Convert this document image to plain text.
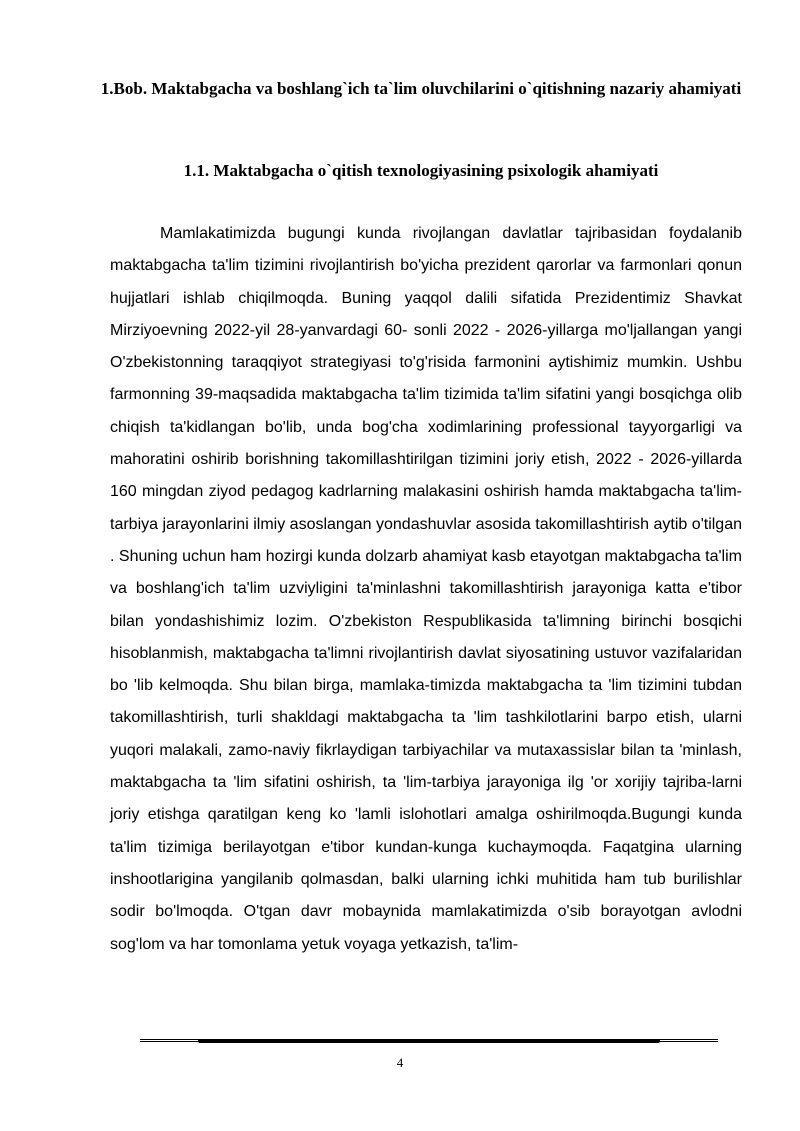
1.Bob. Maktabgacha va boshlang`ich ta`lim oluvchilarini o`qitishning nazariy ahamiyati
1.1. Maktabgacha o`qitish texnologiyasining psixologik ahamiyati
Mamlakatimizda bugungi kunda rivojlangan davlatlar tajribasidan foydalanib maktabgacha ta'lim tizimini rivojlantirish bo'yicha prezident qarorlar va farmonlari qonun hujjatlari ishlab chiqilmoqda. Buning yaqqol dalili sifatida Prezidentimiz Shavkat Mirziyoevning 2022-yil 28-yanvardagi 60- sonli 2022 - 2026-yillarga mo'ljallangan yangi O'zbekistonning taraqqiyot strategiyasi to'g'risida farmonini aytishimiz mumkin. Ushbu farmonning 39-maqsadida maktabgacha ta'lim tizimida ta'lim sifatini yangi bosqichga olib chiqish ta'kidlangan bo'lib, unda bog'cha xodimlarining professional tayyorgarligi va mahoratini oshirib borishning takomillashtirilgan tizimini joriy etish, 2022 - 2026-yillarda 160 mingdan ziyod pedagog kadrlarning malakasini oshirish hamda maktabgacha ta'lim-tarbiya jarayonlarini ilmiy asoslangan yondashuvlar asosida takomillashtirish aytib o'tilgan . Shuning uchun ham hozirgi kunda dolzarb ahamiyat kasb etayotgan maktabgacha ta'lim va boshlang'ich ta'lim uzviyligini ta'minlashni takomillashtirish jarayoniga katta e'tibor bilan yondashishimiz lozim. O'zbekiston Respublikasida ta'limning birinchi bosqichi hisoblanmish, maktabgacha ta'limni rivojlantirish davlat siyosatining ustuvor vazifalaridan bo 'lib kelmoqda. Shu bilan birga, mamlaka-timizda maktabgacha ta 'lim tizimini tubdan takomillashtirish, turli shakldagi maktabgacha ta 'lim tashkilotlarini barpo etish, ularni yuqori malakali, zamo-naviy fikrlaydigan tarbiyachilar va mutaxassislar bilan ta 'minlash, maktabgacha ta 'lim sifatini oshirish, ta 'lim-tarbiya jarayoniga ilg 'or xorijiy tajriba-larni joriy etishga qaratilgan keng ko 'lamli islohotlari amalga oshirilmoqda.Bugungi kunda ta'lim tizimiga berilayotgan e'tibor kundan-kunga kuchaymoqda. Faqatgina ularning inshootlarigina yangilanib qolmasdan, balki ularning ichki muhitida ham tub burilishlar sodir bo'lmoqda. O'tgan davr mobaynida mamlakatimizda o'sib borayotgan avlodni sog'lom va har tomonlama yetuk voyaga yetkazish, ta'lim-
4
